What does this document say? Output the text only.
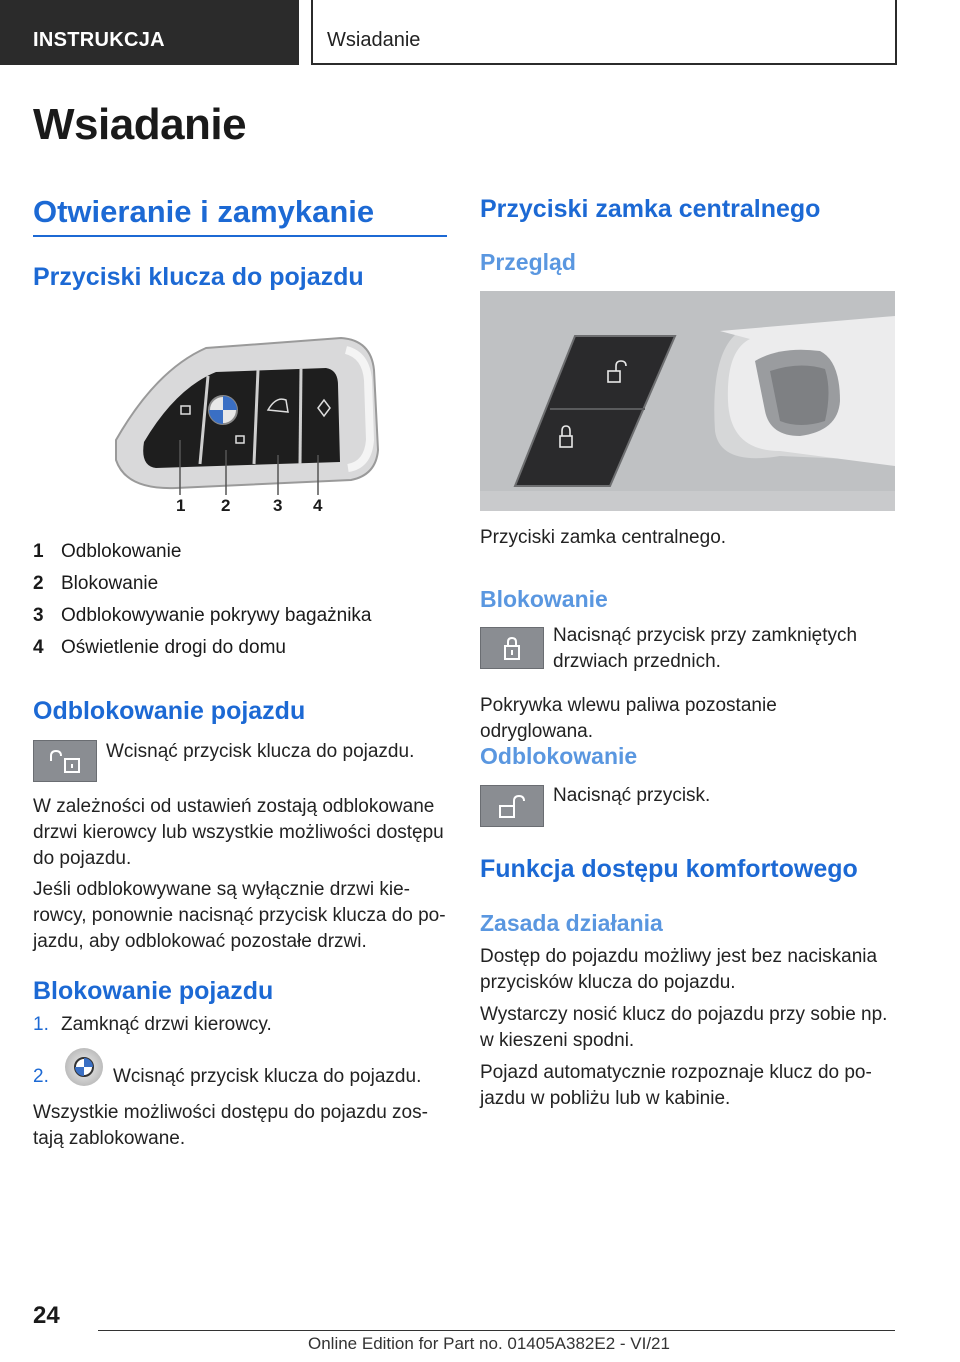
INSTRUKCJA	Wsiadanie
Wsiadanie
Otwieranie i zamykanie
Przyciski klucza do pojazdu
1 2	3 4
1 Odblokowanie
2 Blokowanie
3 Odblokowywanie pokrywy bagażnika
4 Oświetlenie drogi do domu
Odblokowanie pojazdu
Wcisnąć przycisk klucza do pojazdu.
W zależności od ustawień zostają odblokowane drzwi kierowcy lub wszystkie możliwości dostępu do pojazdu.
Jeśli odblokowywane są wyłącznie drzwi kie-rowcy, ponownie nacisnąć przycisk klucza do po-jazdu, aby odblokować pozostałe drzwi.
Blokowanie pojazdu
1. Zamknąć drzwi kierowcy.
2.	Wcisnąć przycisk klucza do pojazdu.
Wszystkie możliwości dostępu do pojazdu zos-tają zablokowane.
Przyciski zamka centralnego
Przegląd
Przyciski zamka centralnego.
Blokowanie
Nacisnąć przycisk przy zamkniętych drzwiach przednich.
Pokrywka wlewu paliwa pozostanie odryglowana.
Odblokowanie
Nacisnąć przycisk.
Funkcja dostępu komfortowego
Zasada działania
Dostęp do pojazdu możliwy jest bez naciskania przycisków klucza do pojazdu.
Wystarczy nosić klucz do pojazdu przy sobie np. w kieszeni spodni.
Pojazd automatycznie rozpoznaje klucz do po-jazdu w pobliżu lub w kabinie.
24
Online Edition for Part no. 01405A382E2 - VI/21
